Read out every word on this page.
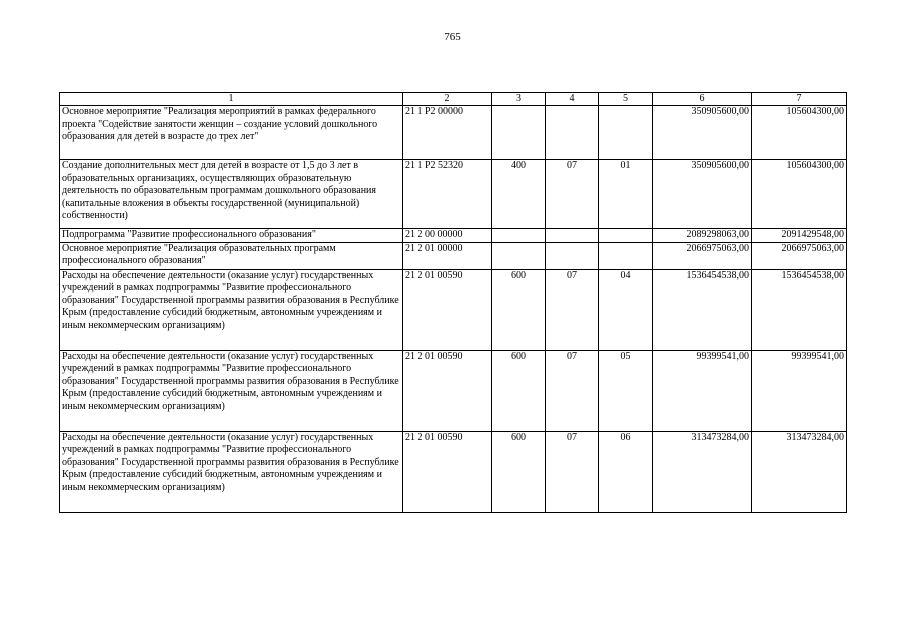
765
1	2	3	4	5	6	7
Основное мероприятие "Реализация мероприятий в рамках федерального проекта "Содействие занятости женщин – создание условий дошкольного образования для детей в возрасте до трех лет"	21 1 P2 00000				350905600,00	105604300,00
Создание дополнительных мест для детей в возрасте от 1,5 до 3 лет в образовательных организациях, осуществляющих образовательную деятельность по образовательным программам дошкольного образования (капитальные вложения в объекты государственной (муниципальной) собственности)	21 1 P2 52320	400	07	01	350905600,00	105604300,00
Подпрограмма "Развитие профессионального образования"	21 2 00 00000				2089298063,00	2091429548,00
Основное мероприятие "Реализация образовательных программ профессионального образования"	21 2 01 00000				2066975063,00	2066975063,00
Расходы на обеспечение деятельности (оказание услуг) государственных учреждений в рамках подпрограммы "Развитие профессионального образования" Государственной программы развития образования в Республике Крым (предоставление субсидий бюджетным, автономным учреждениям и иным некоммерческим организациям)	21 2 01 00590	600	07	04	1536454538,00	1536454538,00
Расходы на обеспечение деятельности (оказание услуг) государственных учреждений в рамках подпрограммы "Развитие профессионального образования" Государственной программы развития образования в Республике Крым (предоставление субсидий бюджетным, автономным учреждениям и иным некоммерческим организациям)	21 2 01 00590	600	07	05	99399541,00	99399541,00
Расходы на обеспечение деятельности (оказание услуг) государственных учреждений в рамках подпрограммы "Развитие профессионального образования" Государственной программы развития образования в Республике Крым (предоставление субсидий бюджетным, автономным учреждениям и иным некоммерческим организациям)	21 2 01 00590	600	07	06	313473284,00	313473284,00
